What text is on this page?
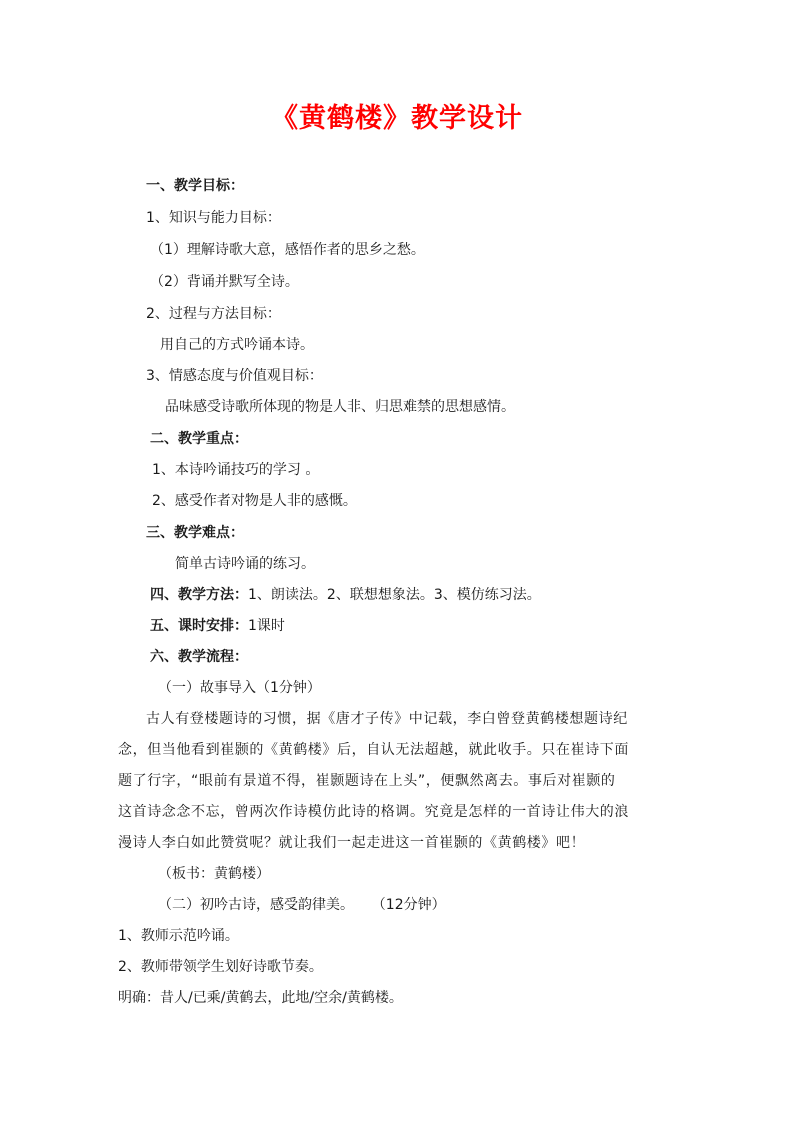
《黄鹤楼》教学设计
一、教学目标：
1、知识与能力目标：
（1）理解诗歌大意，感悟作者的思乡之愁。
（2）背诵并默写全诗。
2、过程与方法目标：
用自己的方式吟诵本诗。
3、情感态度与价值观目标：
品味感受诗歌所体现的物是人非、归思难禁的思想感情。
二、教学重点：
1、本诗吟诵技巧的学习 。
2、感受作者对物是人非的感慨。
三、教学难点：
简单古诗吟诵的练习。
四、教学方法：1、朗读法。2、联想想象法。3、模仿练习法。
五、课时安排：1课时
六、教学流程：
（一）故事导入（1分钟）
古人有登楼题诗的习惯，据《唐才子传》中记载，李白曾登黄鹤楼想题诗纪
念，但当他看到崔颢的《黄鹤楼》后，自认无法超越，就此收手。只在崔诗下面
题了行字，“眼前有景道不得，崔颢题诗在上头”，便飘然离去。事后对崔颢的
这首诗念念不忘，曾两次作诗模仿此诗的格调。究竟是怎样的一首诗让伟大的浪
漫诗人李白如此赞赏呢？就让我们一起走进这一首崔颢的《黄鹤楼》吧！
（板书：黄鹤楼）
（二）初吟古诗，感受韵律美。    （12分钟）
1、教师示范吟诵。
2、教师带领学生划好诗歌节奏。
明确：昔人/已乘/黄鹤去，此地/空余/黄鹤楼。
